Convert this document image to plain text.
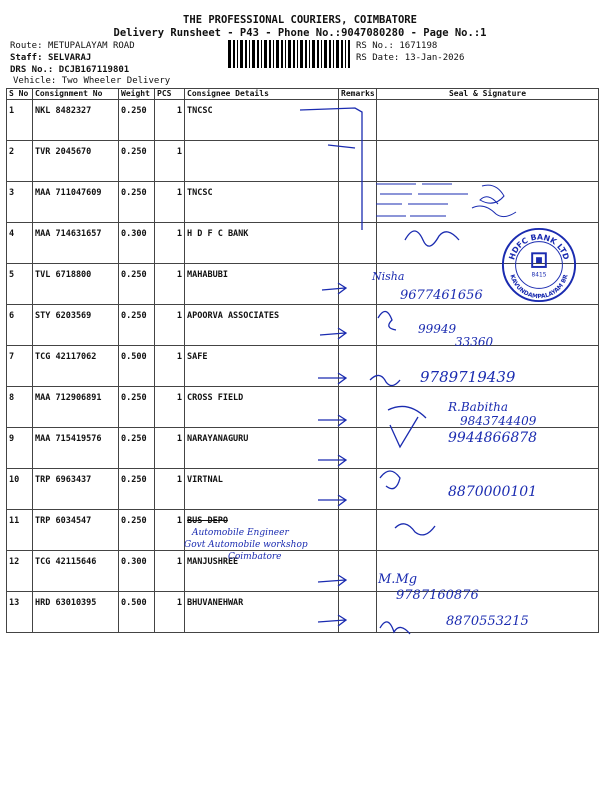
THE PROFESSIONAL COURIERS, COIMBATORE
Delivery Runsheet - P43 - Phone No.:9047080280 - Page No.:1
Route: METUPALAYAM ROAD
Staff: SELVARAJ
DRS No.: DCJB167119801
Vehicle: Two Wheeler Delivery
RS No.: 1671198
RS Date: 13-Jan-2026
S No	Consignment No	Weight	PCS	Consignee Details	Remarks	Seal & Signature
1	NKL 8482327	0.250	1	TNCSC		
2	TVR 2045670	0.250	1			
3	MAA 711047609	0.250	1	TNCSC		
4	MAA 714631657	0.300	1	H D F C BANK		
5	TVL 6718800	0.250	1	MAHABUBI		
6	STY 6203569	0.250	1	APOORVA ASSOCIATES		
7	TCG 42117062	0.500	1	SAFE		
8	MAA 712906891	0.250	1	CROSS FIELD		
9	MAA 715419576	0.250	1	NARAYANAGURU		
10	TRP 6963437	0.250	1	VIRTNAL		
11	TRP 6034547	0.250	1	BUS DEPO		
12	TCG 42115646	0.300	1	MANJUSHREE		
13	HRD 63010395	0.500	1	BHUVANEHWAR		
Nisha
9677461656
99949
33360
9789719439
R.Babitha
9843744409
9944866878
8870000101
Automobile Engineer
Govt Automobile workshop
Coimbatore
M.Mg
9787160876
8870553215
HDFC BANK LTD
KAVUNDAMPALAYAM BR
8415
